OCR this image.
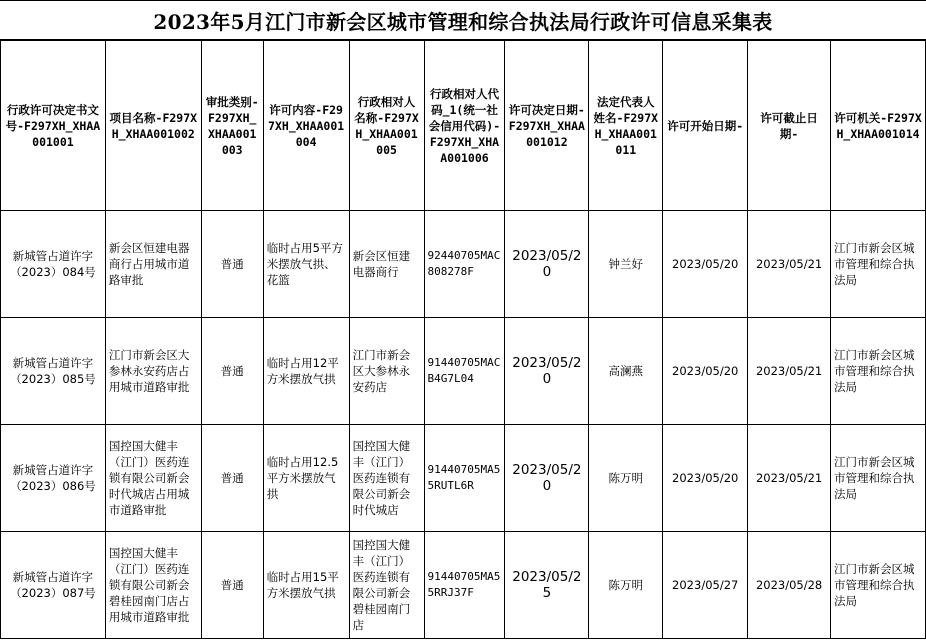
2023年5月江门市新会区城市管理和综合执法局行政许可信息采集表
行政许可决定书文号-F297XH_XHAA001001	项目名称-F297XH_XHAA001002	审批类别-F297XH_XHAA001003	许可内容-F297XH_XHAA001004	行政相对人名称-F297XH_XHAA001005	行政相对人代码_1(统一社会信用代码)-F297XH_XHAA001006	许可决定日期-F297XH_XHAA001012	法定代表人姓名-F297XH_XHAA001011	许可开始日期-	许可截止日期-	许可机关-F297XH_XHAA001014
新城管占道许字（2023）084号	新会区恒建电器商行占用城市道路审批	普通	临时占用5平方米摆放气拱、花篮	新会区恒建电器商行	92440705MAC808278F	2023/05/20	钟兰好	2023/05/20	2023/05/21	江门市新会区城市管理和综合执法局
新城管占道许字（2023）085号	江门市新会区大参林永安药店占用城市道路审批	普通	临时占用12平方米摆放气拱	江门市新会区大参林永安药店	91440705MACB4G7L04	2023/05/20	高澜燕	2023/05/20	2023/05/21	江门市新会区城市管理和综合执法局
新城管占道许字（2023）086号	国控国大健丰（江门）医药连锁有限公司新会时代城店占用城市道路审批	普通	临时占用12.5平方米摆放气拱	国控国大健丰（江门）医药连锁有限公司新会时代城店	91440705MA55RUTL6R	2023/05/20	陈万明	2023/05/20	2023/05/21	江门市新会区城市管理和综合执法局
新城管占道许字（2023）087号	国控国大健丰（江门）医药连锁有限公司新会碧桂园南门店占用城市道路审批	普通	临时占用15平方米摆放气拱	国控国大健丰（江门）医药连锁有限公司新会碧桂园南门店	91440705MA55RRJ37F	2023/05/25	陈万明	2023/05/27	2023/05/28	江门市新会区城市管理和综合执法局
